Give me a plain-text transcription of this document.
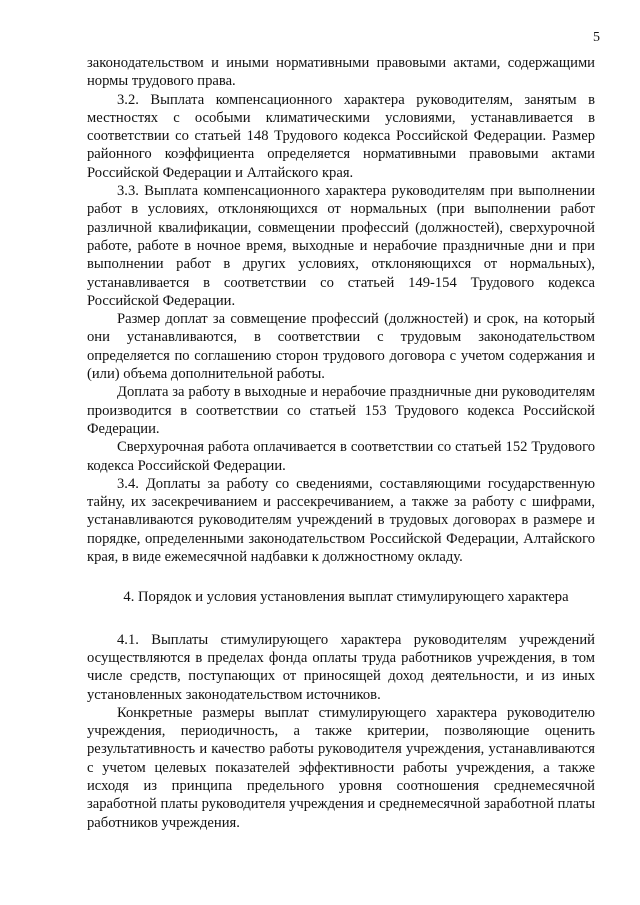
5

законодательством и иными нормативными правовыми актами, содержащими нормы трудового права.

3.2. Выплата компенсационного характера руководителям, занятым в местностях с особыми климатическими условиями, устанавливается в соответствии со статьей 148 Трудового кодекса Российской Федерации. Размер районного коэффициента определяется нормативными правовыми актами Российской Федерации и Алтайского края.

3.3. Выплата компенсационного характера руководителям при выполнении работ в условиях, отклоняющихся от нормальных (при выполнении работ различной квалификации, совмещении профессий (должностей), сверхурочной работе, работе в ночное время, выходные и нерабочие праздничные дни и при выполнении работ в других условиях, отклоняющихся от нормальных), устанавливается в соответствии со статьей 149-154 Трудового кодекса Российской Федерации.

Размер доплат за совмещение профессий (должностей) и срок, на который они устанавливаются, в соответствии с трудовым законодательством определяется по соглашению сторон трудового договора с учетом содержания и (или) объема дополнительной работы.

Доплата за работу в выходные и нерабочие праздничные дни руководителям производится в соответствии со статьей 153 Трудового кодекса Российской Федерации.

Сверхурочная работа оплачивается в соответствии со статьей 152 Трудового кодекса Российской Федерации.

3.4. Доплаты за работу со сведениями, составляющими государственную тайну, их засекречиванием и рассекречиванием, а также за работу с шифрами, устанавливаются руководителям учреждений в трудовых договорах в размере и порядке, определенными законодательством Российской Федерации, Алтайского края, в виде ежемесячной надбавки к должностному окладу.

4. Порядок и условия установления выплат стимулирующего характера

4.1. Выплаты стимулирующего характера руководителям учреждений осуществляются в пределах фонда оплаты труда работников учреждения, в том числе средств, поступающих от приносящей доход деятельности, и из иных установленных законодательством источников.

Конкретные размеры выплат стимулирующего характера руководителю учреждения, периодичность, а также критерии, позволяющие оценить результативность и качество работы руководителя учреждения, устанавливаются с учетом целевых показателей эффективности работы учреждения, а также исходя из принципа предельного уровня соотношения среднемесячной заработной платы руководителя учреждения и среднемесячной заработной платы работников учреждения.
